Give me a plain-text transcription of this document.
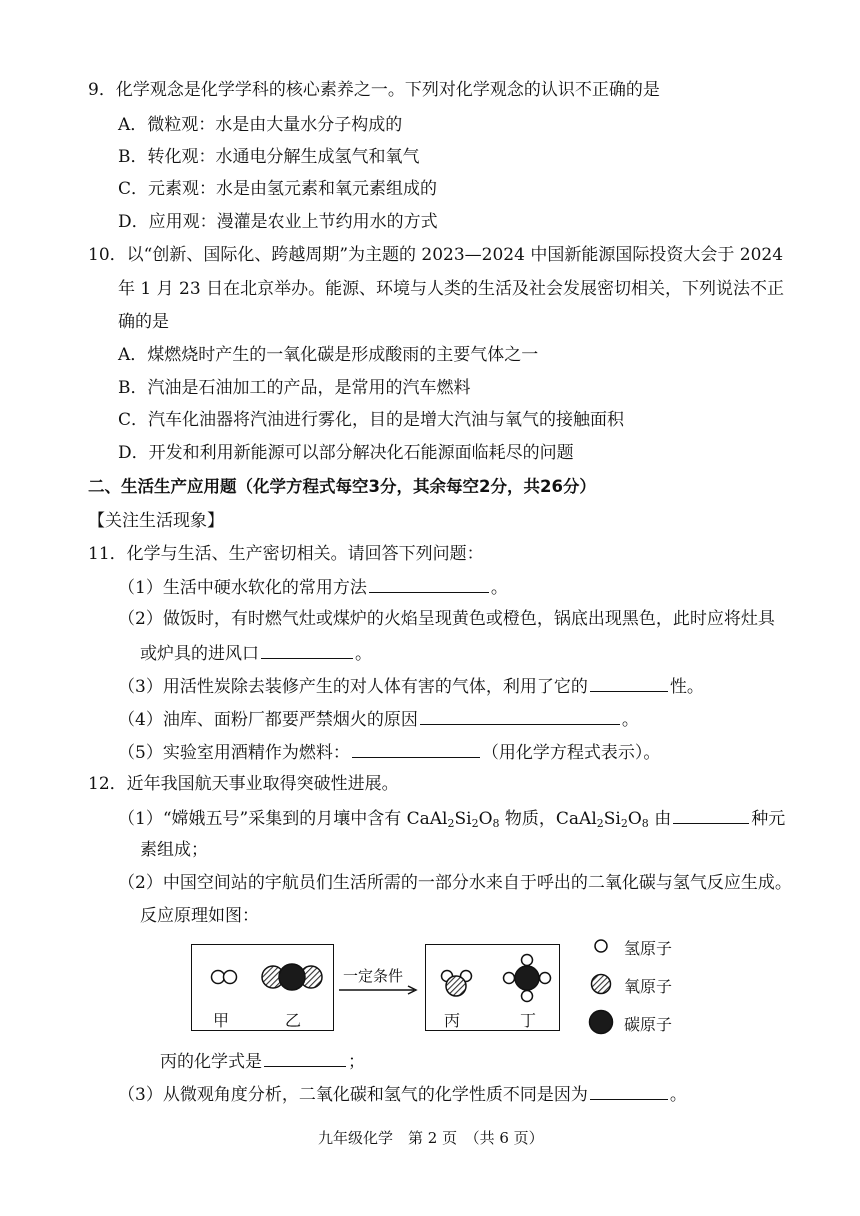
9．化学观念是化学学科的核心素养之一。下列对化学观念的认识不正确的是
A．微粒观：水是由大量水分子构成的
B．转化观：水通电分解生成氢气和氧气
C．元素观：水是由氢元素和氧元素组成的
D．应用观：漫灌是农业上节约用水的方式
10．以“创新、国际化、跨越周期”为主题的 2023—2024 中国新能源国际投资大会于 2024
年 1 月 23 日在北京举办。能源、环境与人类的生活及社会发展密切相关，下列说法不正
确的是
A．煤燃烧时产生的一氧化碳是形成酸雨的主要气体之一
B．汽油是石油加工的产品，是常用的汽车燃料
C．汽车化油器将汽油进行雾化，目的是增大汽油与氧气的接触面积
D．开发和利用新能源可以部分解决化石能源面临耗尽的问题
二、生活生产应用题（化学方程式每空3分，其余每空2分，共26分）
【关注生活现象】
11．化学与生活、生产密切相关。请回答下列问题：
（1）生活中硬水软化的常用方法	。
（2）做饭时，有时燃气灶或煤炉的火焰呈现黄色或橙色，锅底出现黑色，此时应将灶具
或炉具的进风口	。
（3）用活性炭除去装修产生的对人体有害的气体，利用了它的	性。
（4）油库、面粉厂都要严禁烟火的原因	。
（5）实验室用酒精作为燃料：	（用化学方程式表示）。
12．近年我国航天事业取得突破性进展。
（1）“嫦娥五号”采集到的月壤中含有 $CaAl_2Si_2O_8$ 物质，$CaAl_2Si_2O_8$ 由	种元
素组成；
（2）中国空间站的宇航员们生活所需的一部分水来自于呼出的二氧化碳与氢气反应生成。
反应原理如图：
一定条件
甲	乙	丙	丁
氢原子
氧原子
碳原子
丙的化学式是	；
（3）从微观角度分析，二氧化碳和氢气的化学性质不同是因为	。
九年级化学　第 2 页　（共 6 页）
